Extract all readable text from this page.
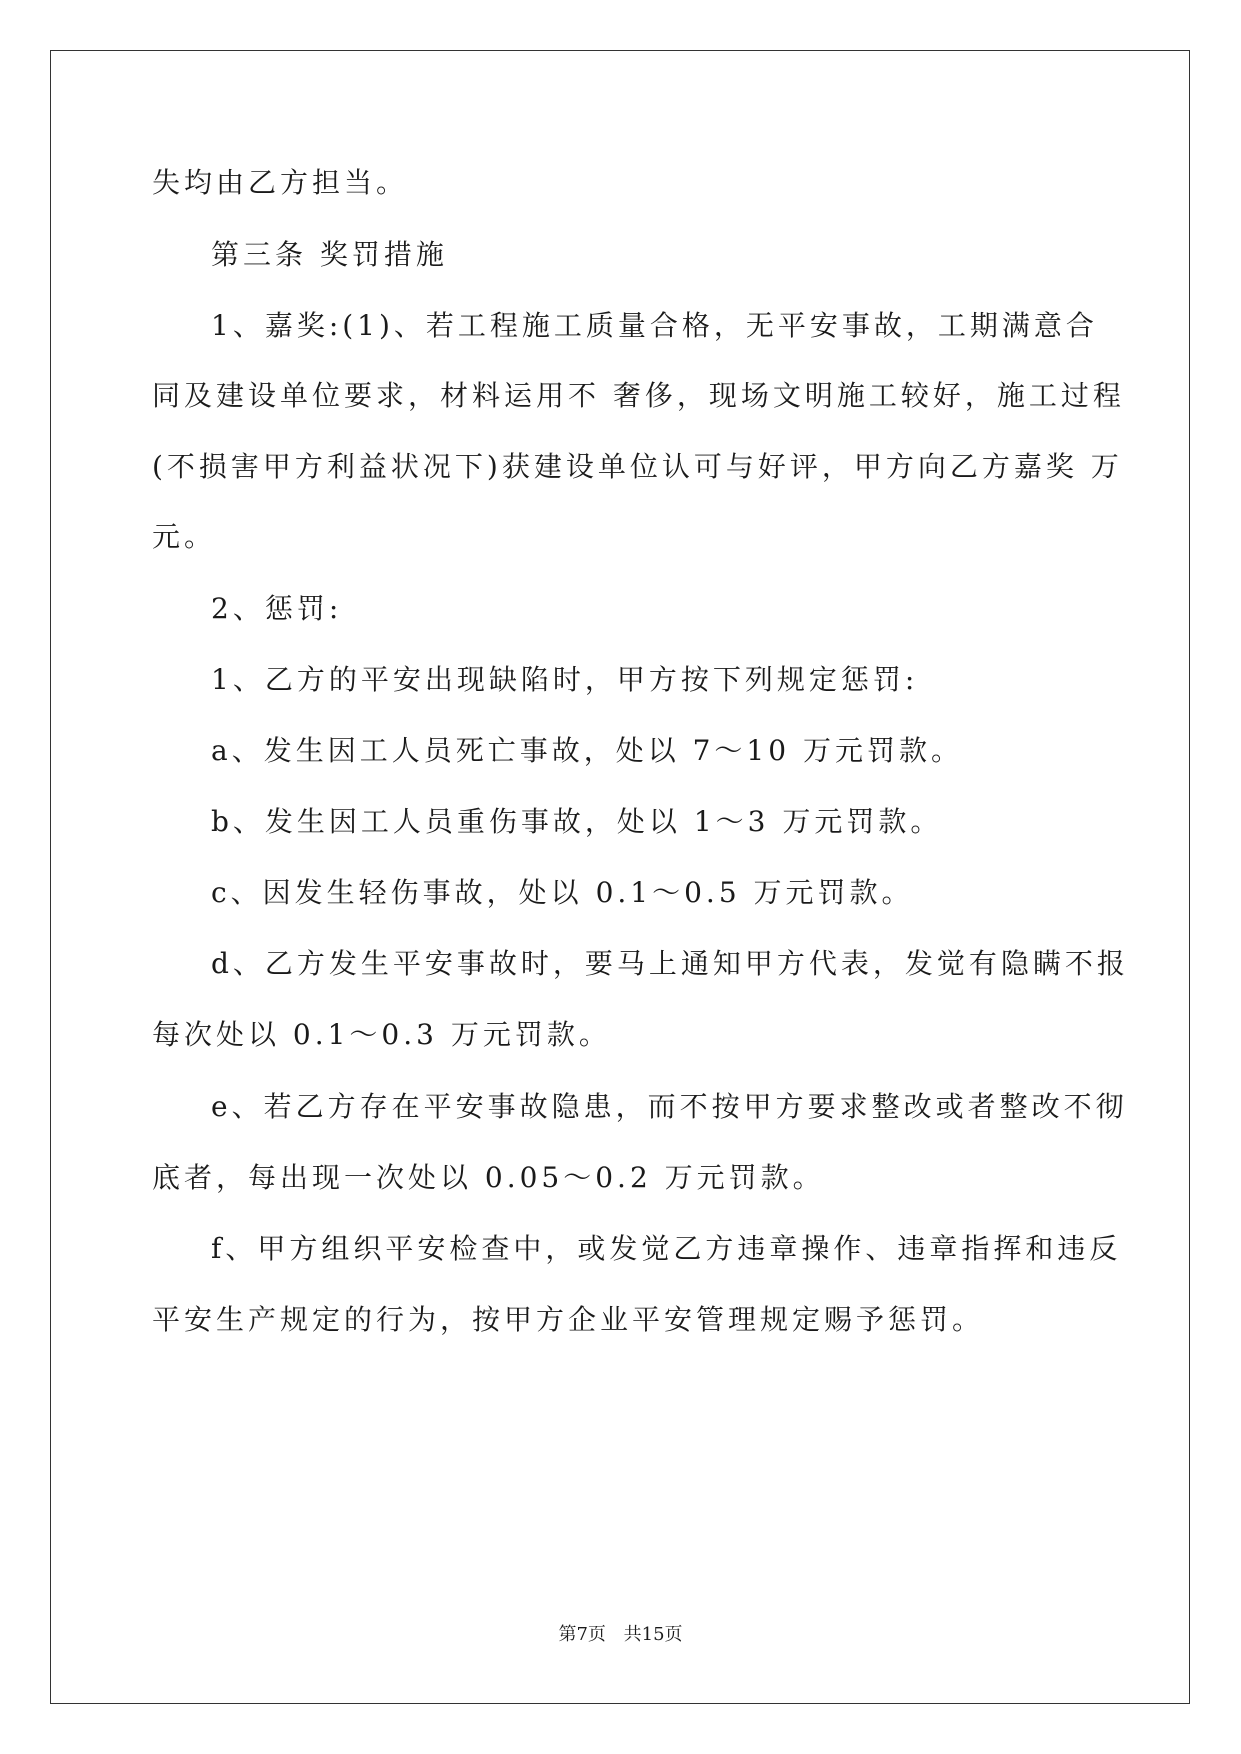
失均由乙方担当。
第三条 奖罚措施
1、嘉奖:(1)、若工程施工质量合格，无平安事故，工期满意合
同及建设单位要求，材料运用不 奢侈，现场文明施工较好，施工过程
(不损害甲方利益状况下)获建设单位认可与好评，甲方向乙方嘉奖 万
元。
2、惩罚:
1、乙方的平安出现缺陷时，甲方按下列规定惩罚:
a、发生因工人员死亡事故，处以 7～10 万元罚款。
b、发生因工人员重伤事故，处以 1～3 万元罚款。
c、因发生轻伤事故，处以 0.1～0.5 万元罚款。
d、乙方发生平安事故时，要马上通知甲方代表，发觉有隐瞒不报
每次处以 0.1～0.3 万元罚款。
e、若乙方存在平安事故隐患，而不按甲方要求整改或者整改不彻
底者，每出现一次处以 0.05～0.2 万元罚款。
f、甲方组织平安检查中，或发觉乙方违章操作、违章指挥和违反
平安生产规定的行为，按甲方企业平安管理规定赐予惩罚。
第7页 共15页
